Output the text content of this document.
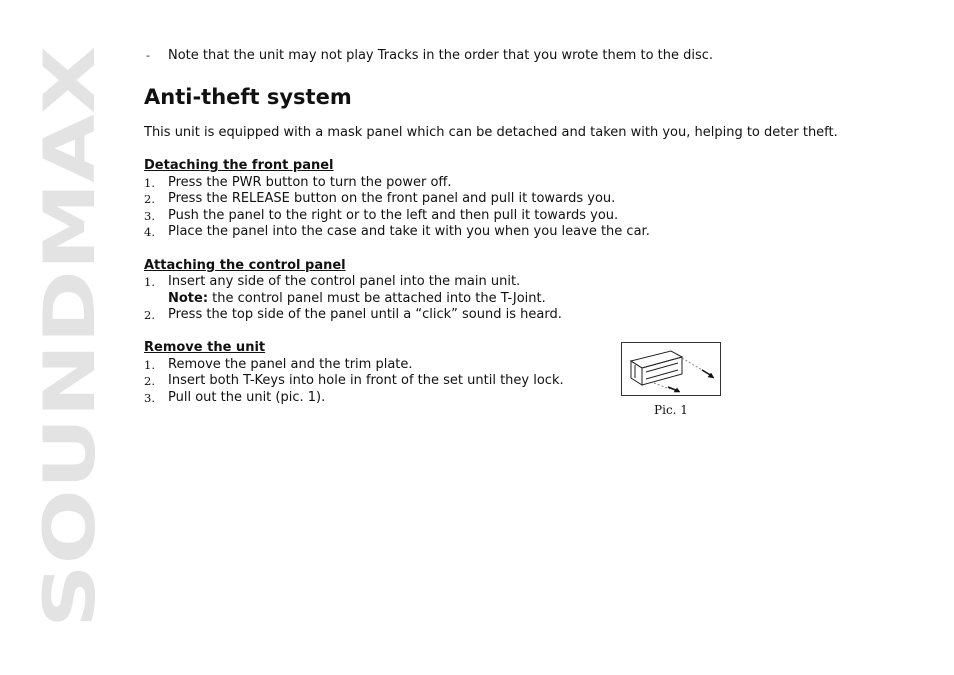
SOUNDMAX
- Note that the unit may not play Tracks in the order that you wrote them to the disc.
Anti-theft system
This unit is equipped with a mask panel which can be detached and taken with you, helping to deter theft.
Detaching the front panel
1. Press the PWR button to turn the power off.
2. Press the RELEASE button on the front panel and pull it towards you.
3. Push the panel to the right or to the left and then pull it towards you.
4. Place the panel into the case and take it with you when you leave the car.
Attaching the control panel
1. Insert any side of the control panel into the main unit.
Note: the control panel must be attached into the T-Joint.
2. Press the top side of the panel until a “click” sound is heard.
Remove the unit
1. Remove the panel and the trim plate.
2. Insert both T-Keys into hole in front of the set until they lock.
3. Pull out the unit (pic. 1).
Pic. 1
